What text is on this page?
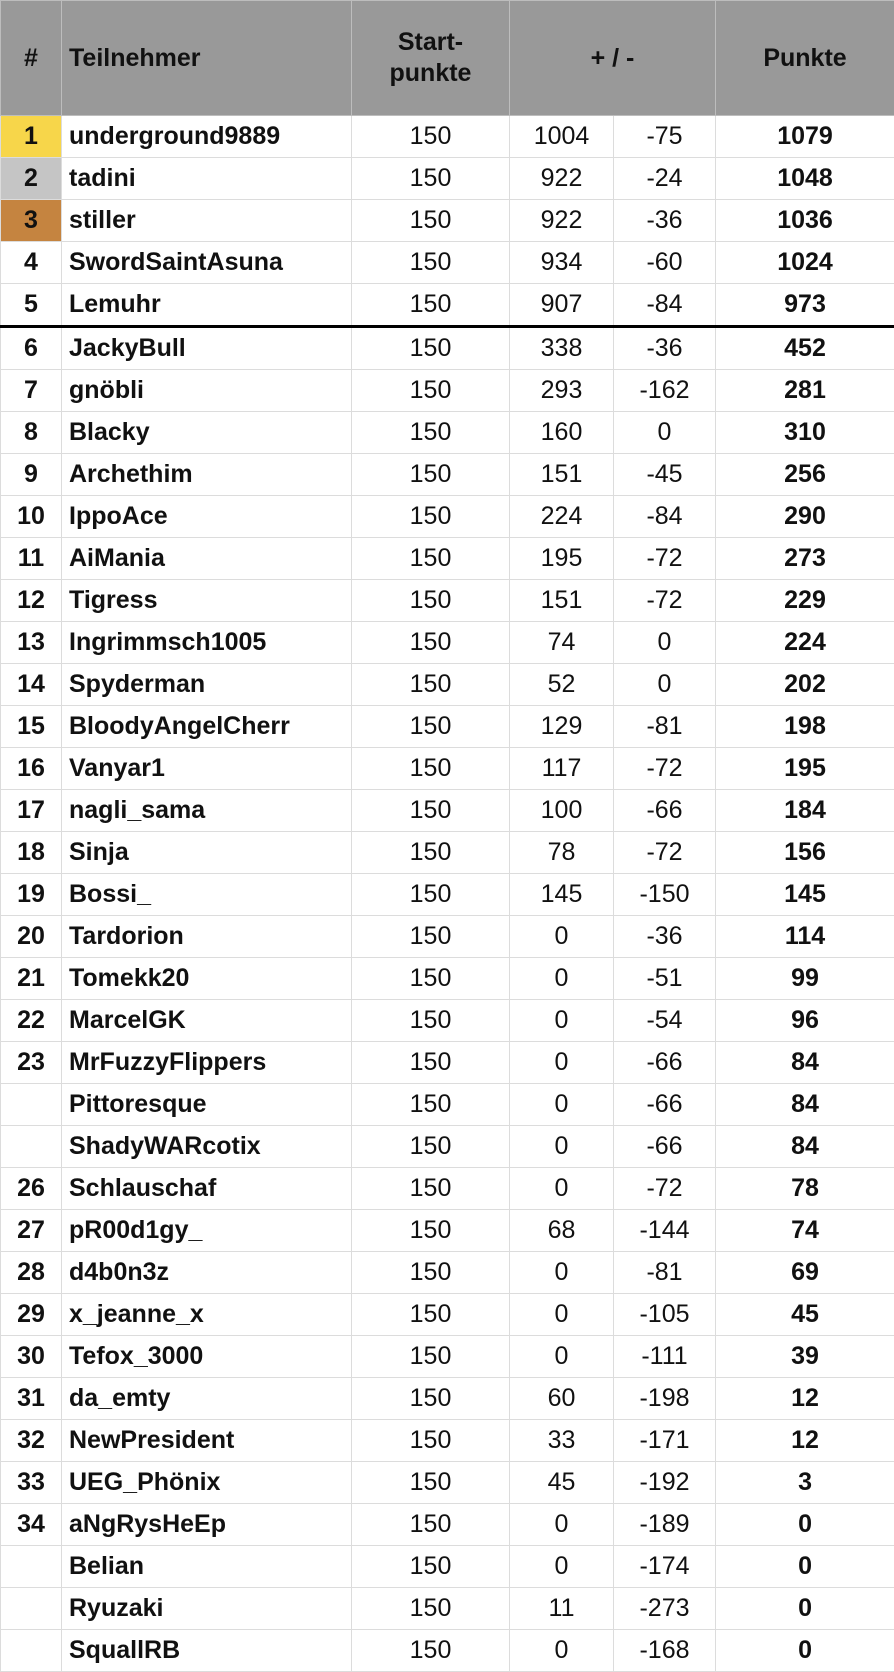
#	Teilnehmer	Start-
punkte	+ / -		Punkte
1	underground9889	150	1004	-75	1079
2	tadini	150	922	-24	1048
3	stiller	150	922	-36	1036
4	SwordSaintAsuna	150	934	-60	1024
5	Lemuhr	150	907	-84	973
6	JackyBull	150	338	-36	452
7	gnöbli	150	293	-162	281
8	Blacky	150	160	0	310
9	Archethim	150	151	-45	256
10	IppoAce	150	224	-84	290
11	AiMania	150	195	-72	273
12	Tigress	150	151	-72	229
13	Ingrimmsch1005	150	74	0	224
14	Spyderman	150	52	0	202
15	BloodyAngelCherr	150	129	-81	198
16	Vanyar1	150	117	-72	195
17	nagli_sama	150	100	-66	184
18	Sinja	150	78	-72	156
19	Bossi_	150	145	-150	145
20	Tardorion	150	0	-36	114
21	Tomekk20	150	0	-51	99
22	MarcelGK	150	0	-54	96
23	MrFuzzyFlippers	150	0	-66	84
	Pittoresque	150	0	-66	84
	ShadyWARcotix	150	0	-66	84
26	Schlauschaf	150	0	-72	78
27	pR00d1gy_	150	68	-144	74
28	d4b0n3z	150	0	-81	69
29	x_jeanne_x	150	0	-105	45
30	Tefox_3000	150	0	-111	39
31	da_emty	150	60	-198	12
32	NewPresident	150	33	-171	12
33	UEG_Phönix	150	45	-192	3
34	aNgRysHeEp	150	0	-189	0
	Belian	150	0	-174	0
	Ryuzaki	150	11	-273	0
	SquallRB	150	0	-168	0
